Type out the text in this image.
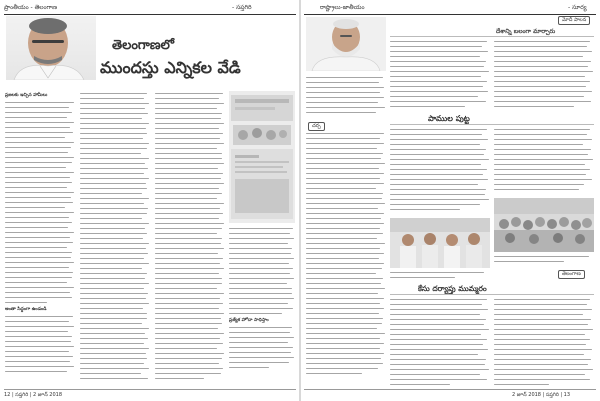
ప్రాంతీయం - తెలంగాణ	- సప్తగిరి
తెలంగాణలో
ముందస్తు ఎన్నికల వేడి
ప్రజలకు ఇచ్చిన హామీలు
అంతా సిద్ధంగా ఉండండి
ప్రత్యేక హోదా సాధిస్తాం
12 | సప్తగిరి | 2 జూన్ 2018
రాష్ట్రాలు-జాతీయం	- సూర్య
మోదీ పాలన
దేశాన్ని బలంగా మార్చారు
చర్చ
పాముల పుట్ట
కేసు దర్యాప్తు ముమ్మరం
తెలంగాణ
2 జూన్ 2018 | సప్తగిరి | 13
